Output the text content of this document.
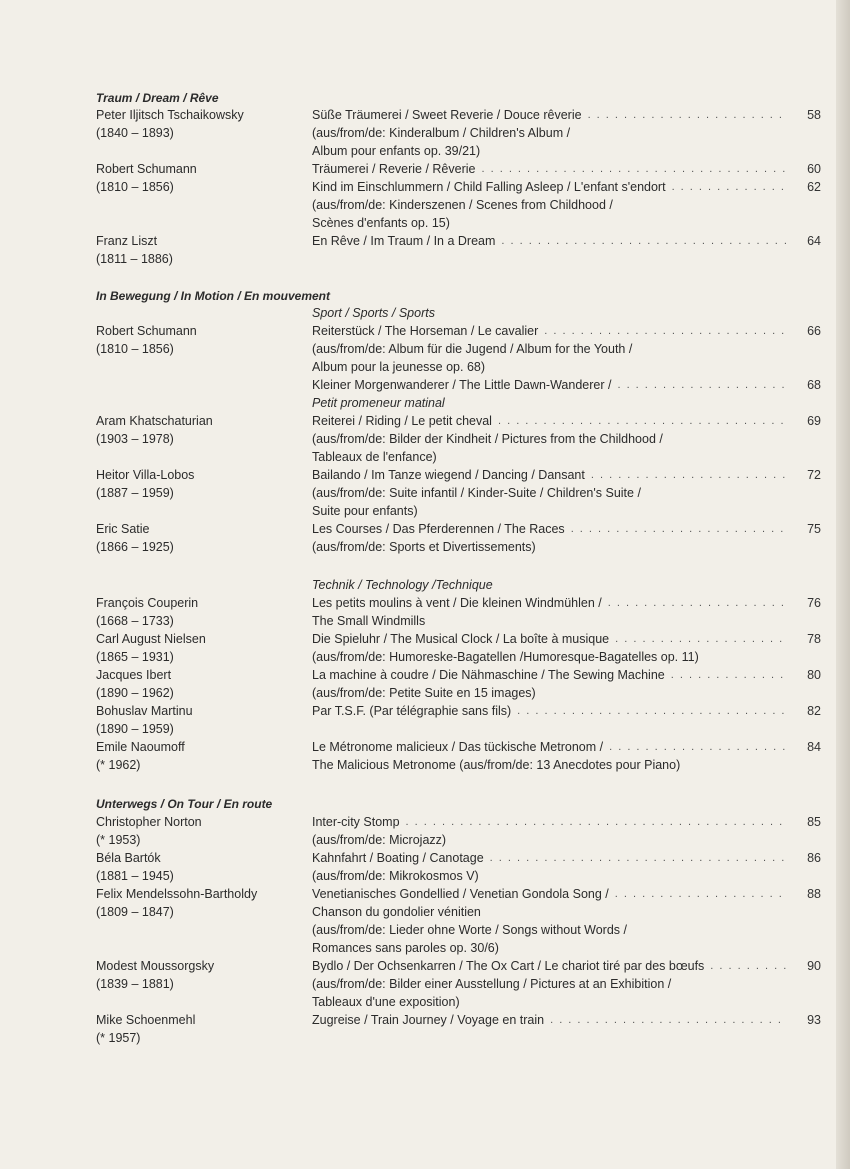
Traum / Dream / Rêve
Peter Iljitsch Tschaikowsky	Süße Träumerei / Sweet Reverie / Douce rêverie . . .	58
(1840 – 1893)	(aus/from/de: Kinderalbum / Children's Album /
Album pour enfants op. 39/21)
Robert Schumann	Träumerei / Reverie / Rêverie . . .	60
(1810 – 1856)	Kind im Einschlummern / Child Falling Asleep / L'enfant s'endort . . .	62
(aus/from/de: Kinderszenen / Scenes from Childhood /
Scènes d'enfants op. 15)
Franz Liszt	En Rêve / Im Traum / In a Dream . . .	64
(1811 – 1886)
In Bewegung / In Motion / En mouvement
Sport / Sports / Sports
Robert Schumann	Reiterstück / The Horseman / Le cavalier . . .	66
(1810 – 1856)	(aus/from/de: Album für die Jugend / Album for the Youth /
Album pour la jeunesse op. 68)
Kleiner Morgenwanderer / The Little Dawn-Wanderer / . . .	68
Petit promeneur matinal
Aram Khatschaturian	Reiterei / Riding / Le petit cheval . . .	69
(1903 – 1978)	(aus/from/de: Bilder der Kindheit / Pictures from the Childhood /
Tableaux de l'enfance)
Heitor Villa-Lobos	Bailando / Im Tanze wiegend / Dancing / Dansant . . .	72
(1887 – 1959)	(aus/from/de: Suite infantil / Kinder-Suite / Children's Suite /
Suite pour enfants)
Eric Satie	Les Courses / Das Pferderennen / The Races . . .	75
(1866 – 1925)	(aus/from/de: Sports et Divertissements)
Technik / Technology /Technique
François Couperin	Les petits moulins à vent / Die kleinen Windmühlen / . . .	76
(1668 – 1733)	The Small Windmills
Carl August Nielsen	Die Spieluhr / The Musical Clock / La boîte à musique . . .	78
(1865 – 1931)	(aus/from/de: Humoreske-Bagatellen /Humoresque-Bagatelles op. 11)
Jacques Ibert	La machine à coudre / Die Nähmaschine / The Sewing Machine . . .	80
(1890 – 1962)	(aus/from/de: Petite Suite en 15 images)
Bohuslav Martinu	Par T.S.F. (Par télégraphie sans fils) . . .	82
(1890 – 1959)
Emile Naoumoff	Le Métronome malicieux / Das tückische Metronom / . . .	84
(* 1962)	The Malicious Metronome (aus/from/de: 13 Anecdotes pour Piano)
Unterwegs / On Tour / En route
Christopher Norton	Inter-city Stomp . . .	85
(* 1953)	(aus/from/de: Microjazz)
Béla Bartók	Kahnfahrt / Boating / Canotage . . .	86
(1881 – 1945)	(aus/from/de: Mikrokosmos V)
Felix Mendelssohn-Bartholdy	Venetianisches Gondellied / Venetian Gondola Song / . . .	88
(1809 – 1847)	Chanson du gondolier vénitien
(aus/from/de: Lieder ohne Worte / Songs without Words /
Romances sans paroles op. 30/6)
Modest Moussorgsky	Bydlo / Der Ochsenkarren / The Ox Cart / Le chariot tiré par des bœufs . . .	90
(1839 – 1881)	(aus/from/de: Bilder einer Ausstellung / Pictures at an Exhibition /
Tableaux d'une exposition)
Mike Schoenmehl	Zugreise / Train Journey / Voyage en train . . .	93
(* 1957)
